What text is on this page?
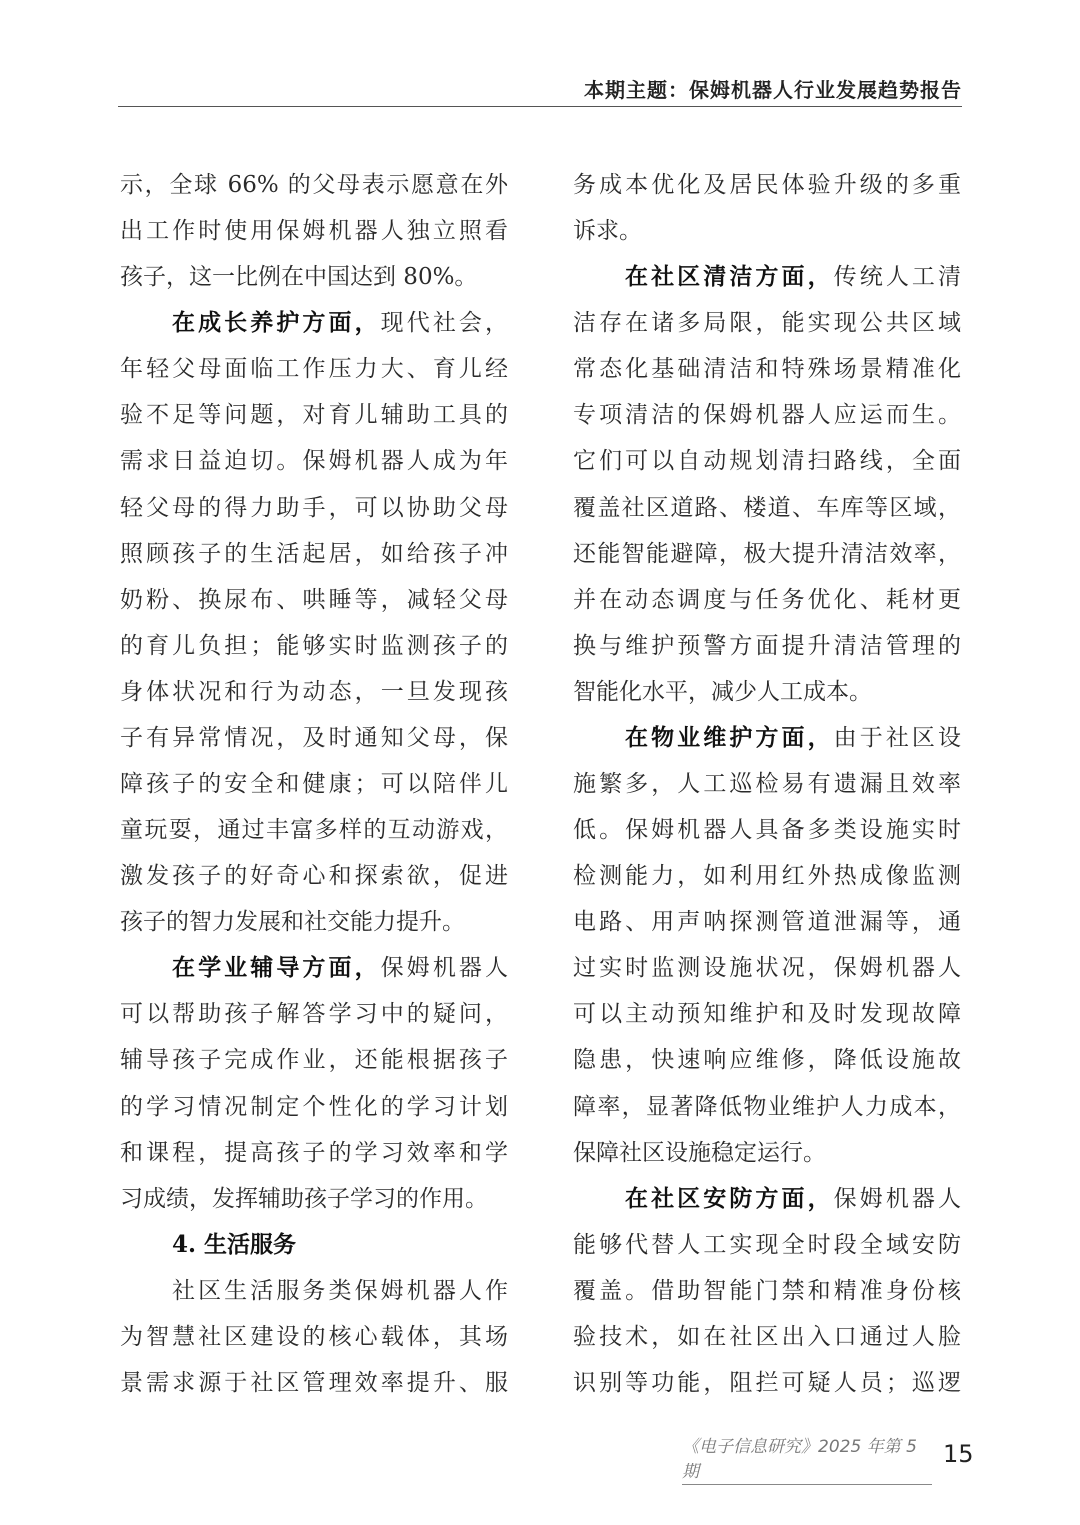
本期主题：保姆机器人行业发展趋势报告
示，全球 66% 的父母表示愿意在外
出工作时使用保姆机器人独立照看
孩子，这一比例在中国达到 80%。
在成长养护方面，现代社会，
年轻父母面临工作压力大、育儿经
验不足等问题，对育儿辅助工具的
需求日益迫切。保姆机器人成为年
轻父母的得力助手，可以协助父母
照顾孩子的生活起居，如给孩子冲
奶粉、换尿布、哄睡等，减轻父母
的育儿负担；能够实时监测孩子的
身体状况和行为动态，一旦发现孩
子有异常情况，及时通知父母，保
障孩子的安全和健康；可以陪伴儿
童玩耍，通过丰富多样的互动游戏，
激发孩子的好奇心和探索欲，促进
孩子的智力发展和社交能力提升。
在学业辅导方面，保姆机器人
可以帮助孩子解答学习中的疑问，
辅导孩子完成作业，还能根据孩子
的学习情况制定个性化的学习计划
和课程，提高孩子的学习效率和学
习成绩，发挥辅助孩子学习的作用。
4. 生活服务
社区生活服务类保姆机器人作
为智慧社区建设的核心载体，其场
景需求源于社区管理效率提升、服
务成本优化及居民体验升级的多重
诉求。
在社区清洁方面，传统人工清
洁存在诸多局限，能实现公共区域
常态化基础清洁和特殊场景精准化
专项清洁的保姆机器人应运而生。
它们可以自动规划清扫路线，全面
覆盖社区道路、楼道、车库等区域，
还能智能避障，极大提升清洁效率，
并在动态调度与任务优化、耗材更
换与维护预警方面提升清洁管理的
智能化水平，减少人工成本。
在物业维护方面，由于社区设
施繁多，人工巡检易有遗漏且效率
低。保姆机器人具备多类设施实时
检测能力，如利用红外热成像监测
电路、用声呐探测管道泄漏等，通
过实时监测设施状况，保姆机器人
可以主动预知维护和及时发现故障
隐患，快速响应维修，降低设施故
障率，显著降低物业维护人力成本，
保障社区设施稳定运行。
在社区安防方面，保姆机器人
能够代替人工实现全时段全域安防
覆盖。借助智能门禁和精准身份核
验技术，如在社区出入口通过人脸
识别等功能，阻拦可疑人员；巡逻
《电子信息研究》2025 年第 5 期
15
